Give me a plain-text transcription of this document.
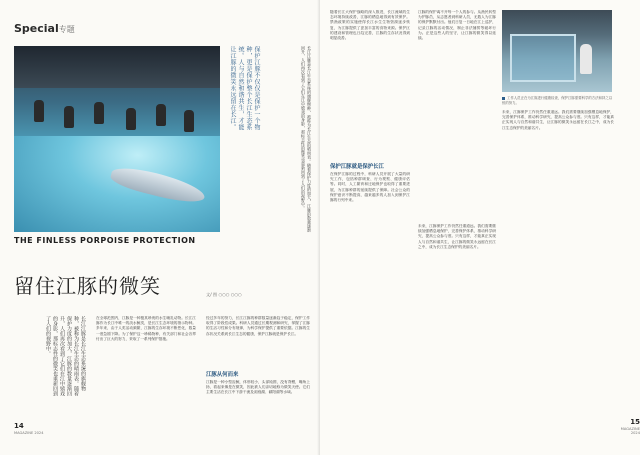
Special专题
保护江豚不仅仅是保护一个物种，更是保护整个长江生态系统。人与自然和谐共生，才能让江豚的微笑永远留在长江。	长江江豚是长江生态系统的旗舰物种，被称为长江生态的晴雨表。随着保护力度的加大，江豚的数量逐渐回升，人们再次看到了它们在江中嬉戏的身影，那标志性的微笑也重新回到了人们的视野中。
THE FINLESS PORPOISE PROTECTION
留住江豚的微笑	文/ 图 ○○○ ○○○
长江江豚是长江生态系统的旗舰物种，被称为长江生态的晴雨表。随着保护力度的加大，江豚的数量逐渐回升，人们再次看到了它们在江中嬉戏的身影，那标志性的微笑也重新回到了人们的视野中。	在全球范围内，江豚是一种极其珍贵的水生哺乳动物。长江江豚作为长江中唯一的淡水鲸类，是长江生态环境的指示物种。多年来，由于人类活动频繁，江豚的生存环境不断恶化，数量一度急剧下降。为了保护这一珍稀物种，有关部门和社会各界付出了巨大的努力，采取了一系列保护措施。
经过多年的努力，长江江豚的种群数量逐渐趋于稳定，保护工作取得了阶段性成果。科研人员通过长期观测和研究，掌握了江豚的生活习性和分布规律，为科学保护提供了重要依据。江豚的生存状况关系到长江生态的健康，保护江豚就是保护长江。
江豚从何而来
江豚是一种小型齿鲸，体形较小，头部钝圆，没有背鳍，嘴角上扬，看起来像是在微笑，因此被人们亲切地称为微笑天使。它们主要生活在长江中下游干流及洞庭湖、鄱阳湖等水域。
14
MAGAZINE 2024
随着长江大保护战略的深入推进，长江流域的生态环境持续改善，江豚的栖息地得到有效保护。禁渔政策的实施使得长江水生生物资源逐步恢复，为江豚提供了更加丰富的食物来源。保护区的建设和管理也日趋完善，江豚的生存状况得到明显改善。
保护江豚就是保护长江
在保护江豚的过程中，科研人员开展了大量的研究工作，包括种群调查、行为观察、健康评估等。同时，人工繁育和迁地保护也取得了重要进展，为江豚种群的延续提供了保障。社会公众的保护意识不断提高，越来越多的人加入到保护江豚的行列中来。
江豚的保护离不开每一个人的参与。从渔民转型为护豚员，从志愿者到科研人员，无数人为江豚的保护默默付出。他们日复一日地在江上巡护，记录江豚的活动情况，制止非法捕捞等破坏行为。正是这些人的坚守，让江豚的微笑得以延续。
未来，江豚保护工作仍然任重道远。我们需要继续加强栖息地保护，完善保护体系，推动科学研究，提高公众参与度。只有这样，才能真正实现人与自然和谐共生，让江豚的微笑永远留在长江之中，成为长江生态保护的美丽名片。
工作人员正在为江豚进行健康检查，保护江豚需要科学的方法和持之以恒的努力。
未来，江豚保护工作仍然任重道远。我们需要继续加强栖息地保护，完善保护体系，推动科学研究，提高公众参与度。只有这样，才能真正实现人与自然和谐共生，让江豚的微笑永远留在长江之中，成为长江生态保护的美丽名片。
15
MAGAZINE 2024
